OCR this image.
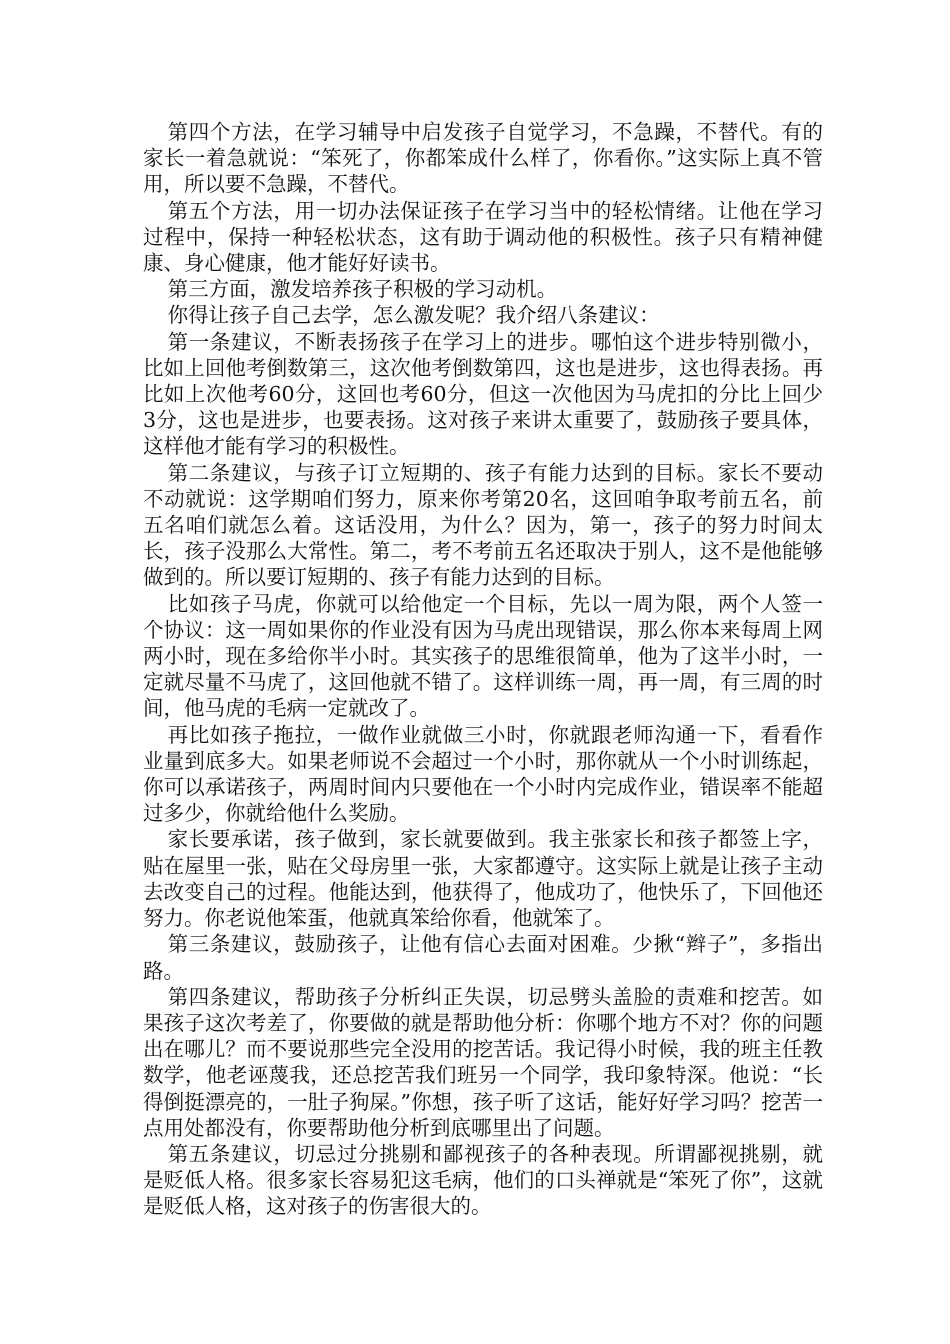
第四个方法，在学习辅导中启发孩子自觉学习，不急躁，不替代。有的家长一着急就说：“笨死了，你都笨成什么样了，你看你。”这实际上真不管用，所以要不急躁，不替代。

第五个方法，用一切办法保证孩子在学习当中的轻松情绪。让他在学习过程中，保持一种轻松状态，这有助于调动他的积极性。孩子只有精神健康、身心健康，他才能好好读书。

第三方面，激发培养孩子积极的学习动机。

你得让孩子自己去学，怎么激发呢？我介绍八条建议：

第一条建议，不断表扬孩子在学习上的进步。哪怕这个进步特别微小，比如上回他考倒数第三，这次他考倒数第四，这也是进步，这也得表扬。再比如上次他考60分，这回也考60分，但这一次他因为马虎扣的分比上回少3分，这也是进步，也要表扬。这对孩子来讲太重要了，鼓励孩子要具体，这样他才能有学习的积极性。

第二条建议，与孩子订立短期的、孩子有能力达到的目标。家长不要动不动就说：这学期咱们努力，原来你考第20名，这回咱争取考前五名，前五名咱们就怎么着。这话没用，为什么？因为，第一，孩子的努力时间太长，孩子没那么大常性。第二，考不考前五名还取决于别人，这不是他能够做到的。所以要订短期的、孩子有能力达到的目标。

比如孩子马虎，你就可以给他定一个目标，先以一周为限，两个人签一个协议：这一周如果你的作业没有因为马虎出现错误，那么你本来每周上网两小时，现在多给你半小时。其实孩子的思维很简单，他为了这半小时，一定就尽量不马虎了，这回他就不错了。这样训练一周，再一周，有三周的时间，他马虎的毛病一定就改了。

再比如孩子拖拉，一做作业就做三小时，你就跟老师沟通一下，看看作业量到底多大。如果老师说不会超过一个小时，那你就从一个小时训练起，你可以承诺孩子，两周时间内只要他在一个小时内完成作业，错误率不能超过多少，你就给他什么奖励。

家长要承诺，孩子做到，家长就要做到。我主张家长和孩子都签上字，贴在屋里一张，贴在父母房里一张，大家都遵守。这实际上就是让孩子主动去改变自己的过程。他能达到，他获得了，他成功了，他快乐了，下回他还努力。你老说他笨蛋，他就真笨给你看，他就笨了。

第三条建议，鼓励孩子，让他有信心去面对困难。少揪“辫子”，多指出路。

第四条建议，帮助孩子分析纠正失误，切忌劈头盖脸的责难和挖苦。如果孩子这次考差了，你要做的就是帮助他分析：你哪个地方不对？你的问题出在哪儿？而不要说那些完全没用的挖苦话。我记得小时候，我的班主任教数学，他老诬蔑我，还总挖苦我们班另一个同学，我印象特深。他说：“长得倒挺漂亮的，一肚子狗屎。”你想，孩子听了这话，能好好学习吗？挖苦一点用处都没有，你要帮助他分析到底哪里出了问题。

第五条建议，切忌过分挑剔和鄙视孩子的各种表现。所谓鄙视挑剔，就是贬低人格。很多家长容易犯这毛病，他们的口头禅就是“笨死了你”，这就是贬低人格，这对孩子的伤害很大的。
